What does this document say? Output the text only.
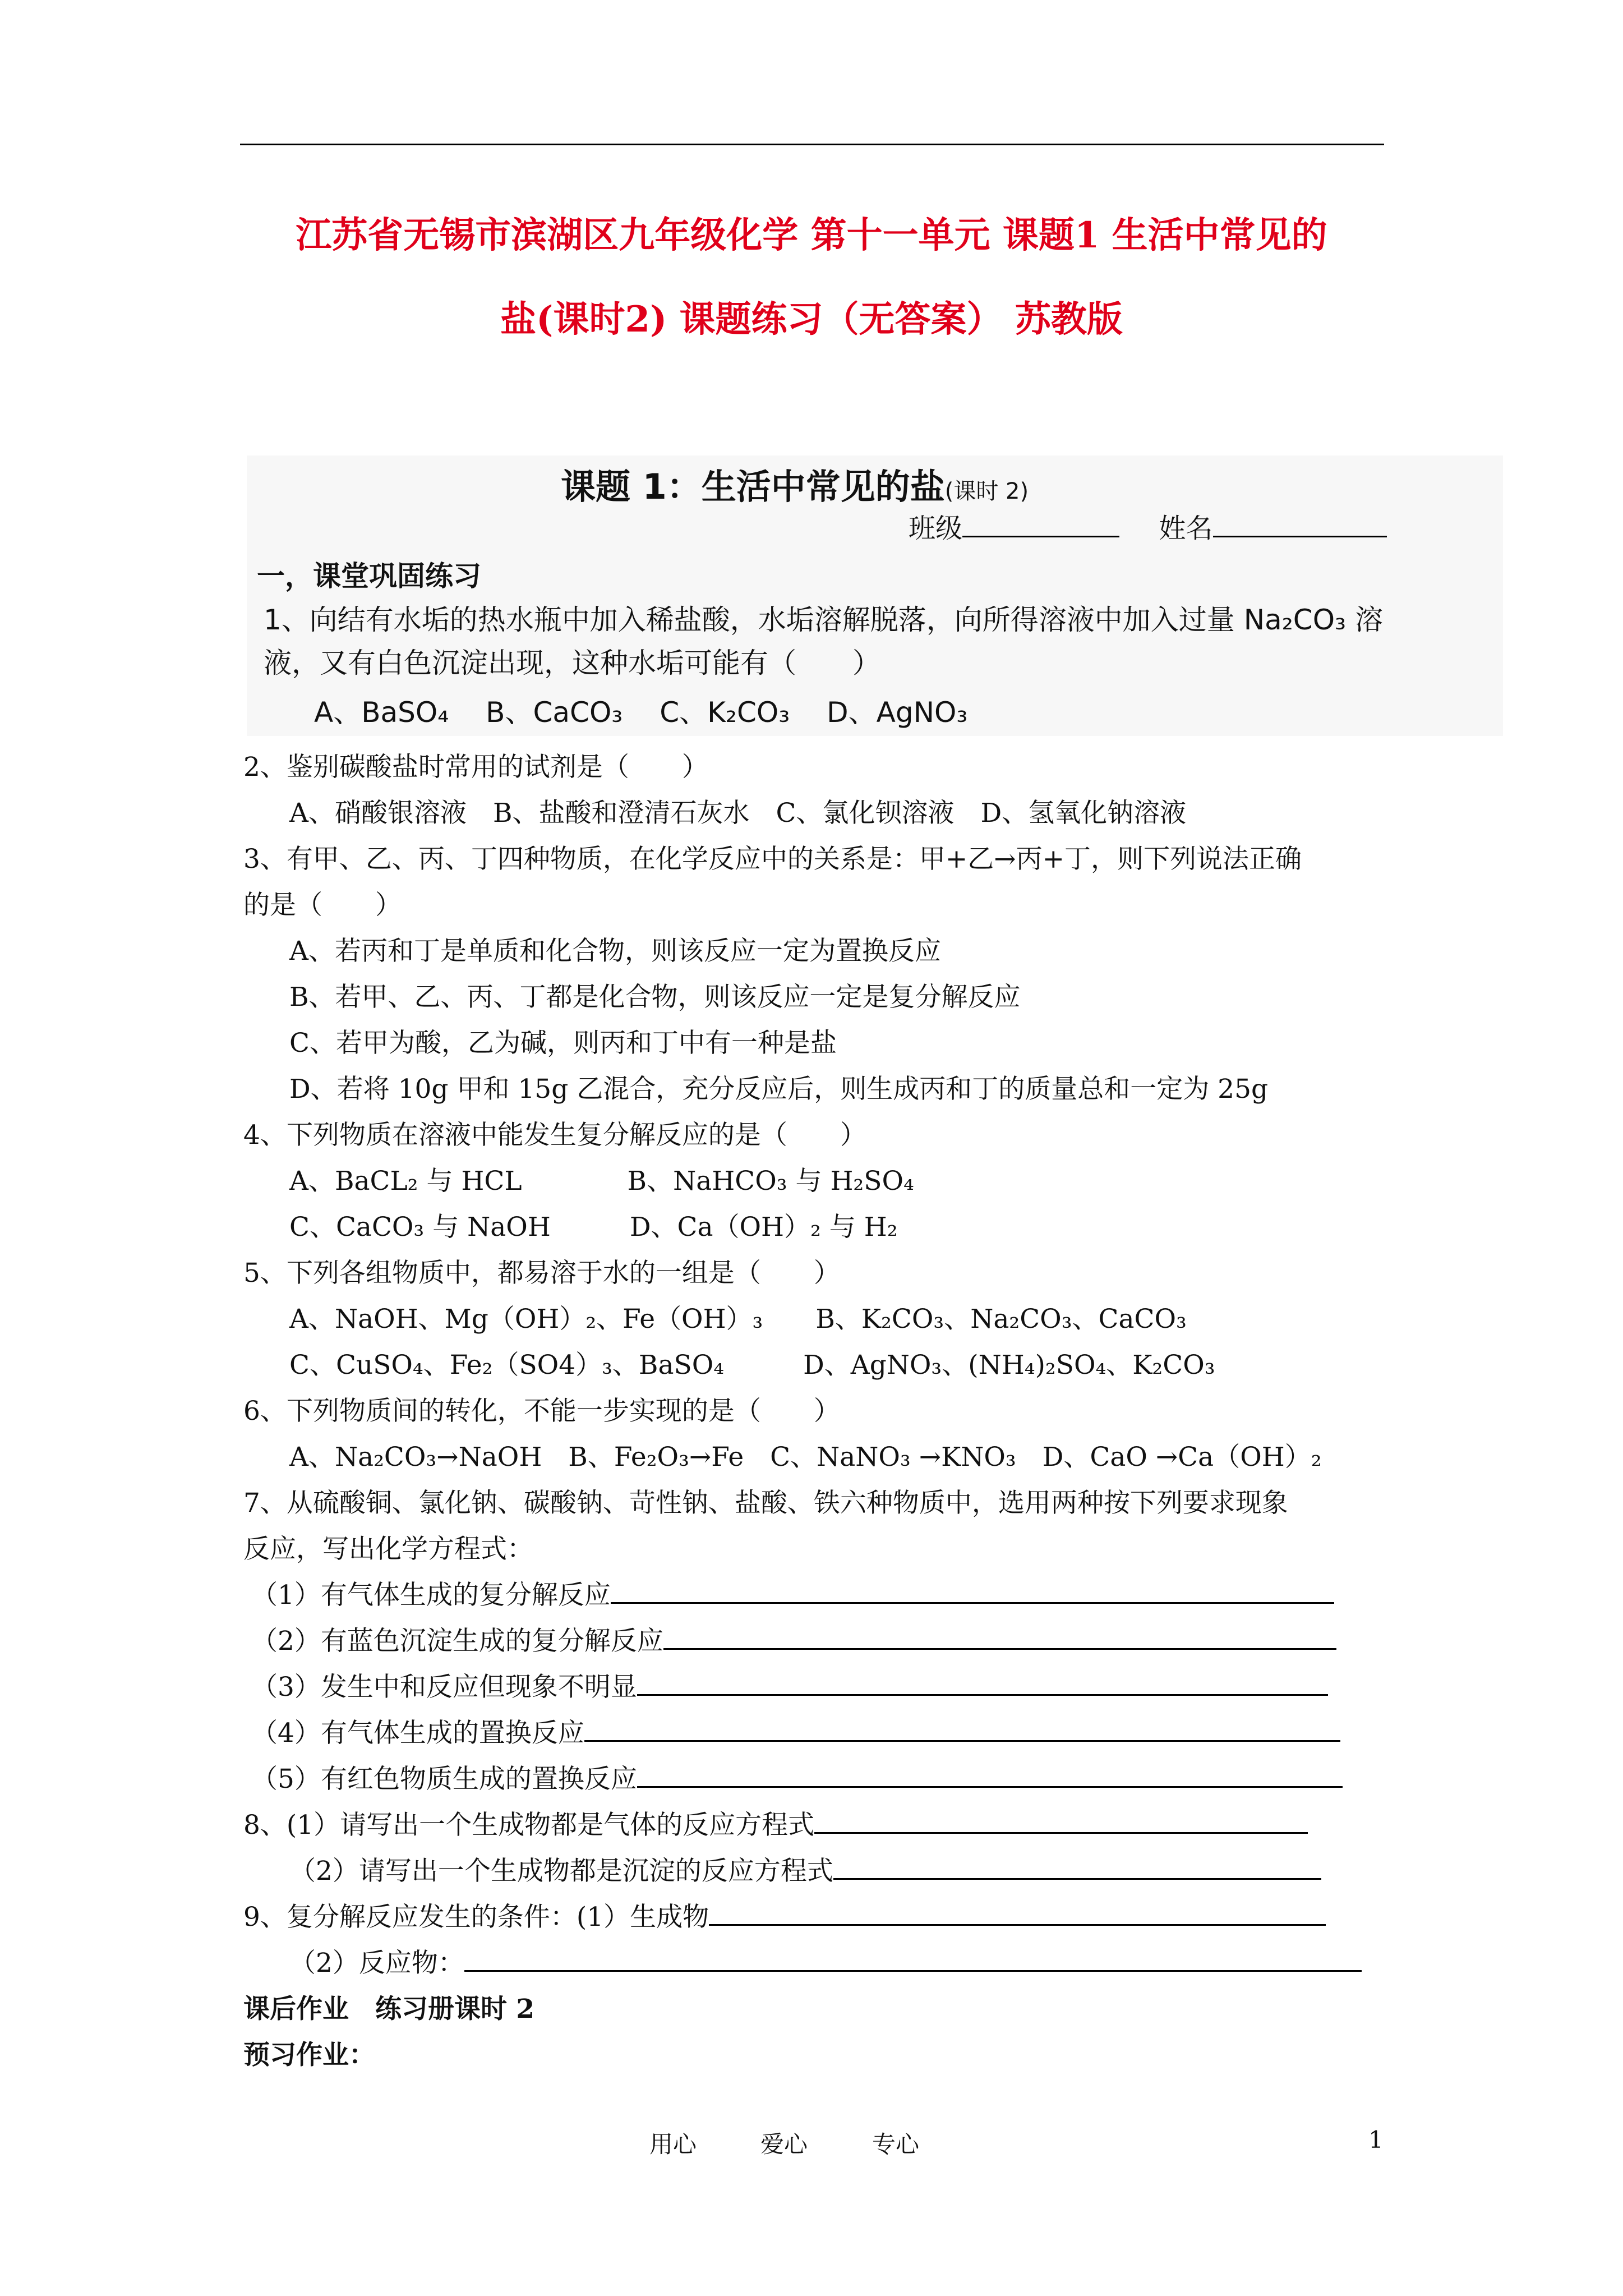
江苏省无锡市滨湖区九年级化学 第十一单元 课题1 生活中常见的
盐(课时2) 课题练习（无答案） 苏教版
课题 1：生活中常见的盐(课时 2)
班级	姓名
一，课堂巩固练习
1、向结有水垢的热水瓶中加入稀盐酸，水垢溶解脱落，向所得溶液中加入过量 Na₂CO₃ 溶
液，又有白色沉淀出现，这种水垢可能有（　　）
A、BaSO₄　 B、CaCO₃　 C、K₂CO₃　 D、AgNO₃
2、鉴别碳酸盐时常用的试剂是（　　）
A、硝酸银溶液　B、盐酸和澄清石灰水　C、氯化钡溶液　D、氢氧化钠溶液
3、有甲、乙、丙、丁四种物质，在化学反应中的关系是：甲+乙→丙+丁，则下列说法正确
的是（　　）
A、若丙和丁是单质和化合物，则该反应一定为置换反应
B、若甲、乙、丙、丁都是化合物，则该反应一定是复分解反应
C、若甲为酸，乙为碱，则丙和丁中有一种是盐
D、若将 10g 甲和 15g 乙混合，充分反应后，则生成丙和丁的质量总和一定为 25g
4、下列物质在溶液中能发生复分解反应的是（　　）
A、BaCL₂ 与 HCL　　　　B、NaHCO₃ 与 H₂SO₄
C、CaCO₃ 与 NaOH　　　D、Ca（OH）₂ 与 H₂
5、下列各组物质中，都易溶于水的一组是（　　）
A、NaOH、Mg（OH）₂、Fe（OH）₃　　B、K₂CO₃、Na₂CO₃、CaCO₃
C、CuSO₄、Fe₂（SO4）₃、BaSO₄　　　D、AgNO₃、(NH₄)₂SO₄、K₂CO₃
6、下列物质间的转化，不能一步实现的是（　　）
A、Na₂CO₃→NaOH　B、Fe₂O₃→Fe　C、NaNO₃ →KNO₃　D、CaO →Ca（OH）₂
7、从硫酸铜、氯化钠、碳酸钠、苛性钠、盐酸、铁六种物质中，选用两种按下列要求现象
反应，写出化学方程式：
（1）有气体生成的复分解反应
（2）有蓝色沉淀生成的复分解反应
（3）发生中和反应但现象不明显
（4）有气体生成的置换反应
（5）有红色物质生成的置换反应
8、(1）请写出一个生成物都是气体的反应方程式
（2）请写出一个生成物都是沉淀的反应方程式
9、复分解反应发生的条件：(1）生成物
（2）反应物：
课后作业　练习册课时 2
预习作业：
用心	爱心	专心	1
